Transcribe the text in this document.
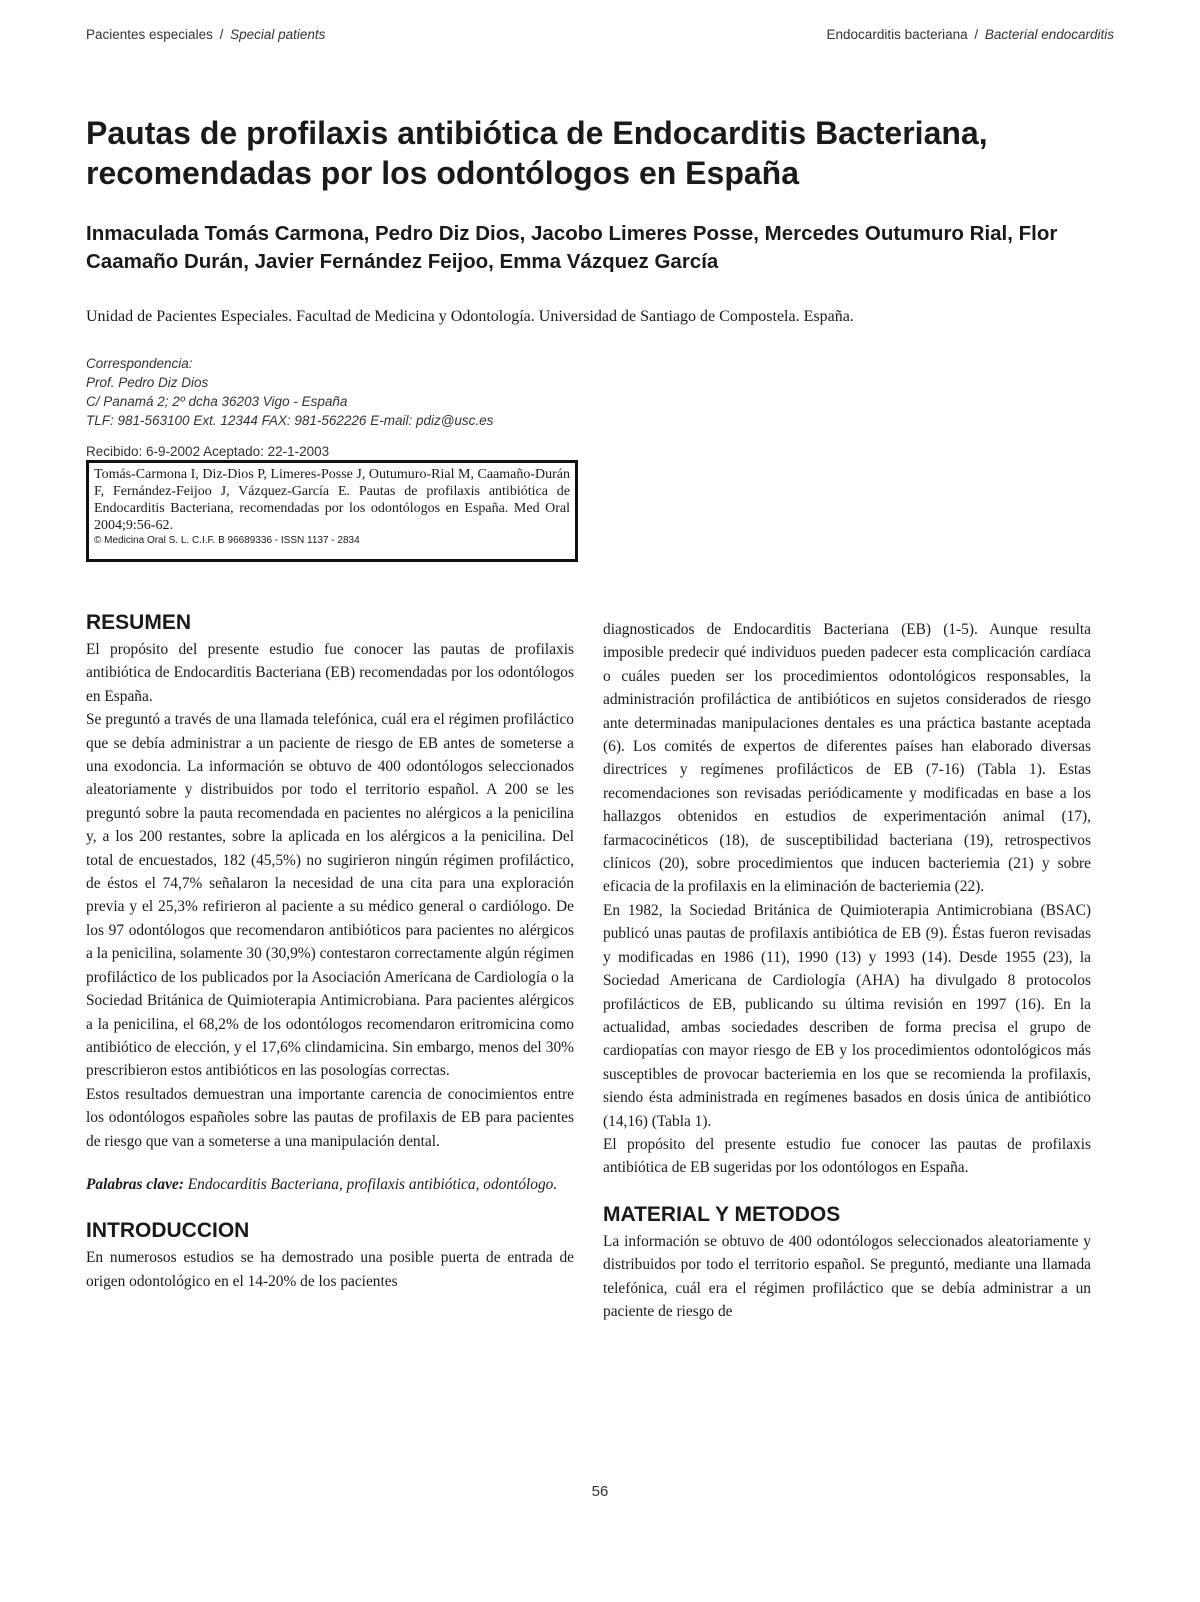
Pacientes especiales / Special patients	Endocarditis bacteriana / Bacterial endocarditis
Pautas de profilaxis antibiótica de Endocarditis Bacteriana, recomendadas por los odontólogos en España

Inmaculada Tomás Carmona, Pedro Diz Dios, Jacobo Limeres Posse, Mercedes Outumuro Rial, Flor Caamaño Durán, Javier Fernández Feijoo, Emma Vázquez García

Unidad de Pacientes Especiales. Facultad de Medicina y Odontología. Universidad de Santiago de Compostela. España.

Correspondencia:
Prof. Pedro Diz Dios
C/ Panamá 2; 2º dcha 36203 Vigo - España
TLF: 981-563100 Ext. 12344 FAX: 981-562226 E-mail: pdiz@usc.es
Recibido: 6-9-2002 Aceptado: 22-1-2003
Tomás-Carmona I, Diz-Dios P, Limeres-Posse J, Outumuro-Rial M, Caamaño-Durán F, Fernández-Feijoo J, Vázquez-García E. Pautas de profilaxis antibiótica de Endocarditis Bacteriana, recomendadas por los odontólogos en España. Med Oral 2004;9:56-62.
© Medicina Oral S. L. C.I.F. B 96689336 - ISSN 1137 - 2834
RESUMEN

El propósito del presente estudio fue conocer las pautas de profilaxis antibiótica de Endocarditis Bacteriana (EB) recomendadas por los odontólogos en España.

Se preguntó a través de una llamada telefónica, cuál era el régimen profiláctico que se debía administrar a un paciente de riesgo de EB antes de someterse a una exodoncia. La información se obtuvo de 400 odontólogos seleccionados aleatoriamente y distribuidos por todo el territorio español. A 200 se les preguntó sobre la pauta recomendada en pacientes no alérgicos a la penicilina y, a los 200 restantes, sobre la aplicada en los alérgicos a la penicilina. Del total de encuestados, 182 (45,5%) no sugirieron ningún régimen profiláctico, de éstos el 74,7% señalaron la necesidad de una cita para una exploración previa y el 25,3% refirieron al paciente a su médico general o cardiólogo. De los 97 odontólogos que recomendaron antibióticos para pacientes no alérgicos a la penicilina, solamente 30 (30,9%) contestaron correctamente algún régimen profiláctico de los publicados por la Asociación Americana de Cardiología o la Sociedad Británica de Quimioterapia Antimicrobiana. Para pacientes alérgicos a la penicilina, el 68,2% de los odontólogos recomendaron eritromicina como antibiótico de elección, y el 17,6% clindamicina. Sin embargo, menos del 30% prescribieron estos antibióticos en las posologías correctas.

Estos resultados demuestran una importante carencia de conocimientos entre los odontólogos españoles sobre las pautas de profilaxis de EB para pacientes de riesgo que van a someterse a una manipulación dental.

Palabras clave: Endocarditis Bacteriana, profilaxis antibiótica, odontólogo.

INTRODUCCION

En numerosos estudios se ha demostrado una posible puerta de entrada de origen odontológico en el 14-20% de los pacientes

diagnosticados de Endocarditis Bacteriana (EB) (1-5). Aunque resulta imposible predecir qué individuos pueden padecer esta complicación cardíaca o cuáles pueden ser los procedimientos odontológicos responsables, la administración profiláctica de antibióticos en sujetos considerados de riesgo ante determinadas manipulaciones dentales es una práctica bastante aceptada (6). Los comités de expertos de diferentes países han elaborado diversas directrices y regímenes profilácticos de EB (7-16) (Tabla 1). Estas recomendaciones son revisadas periódicamente y modificadas en base a los hallazgos obtenidos en estudios de experimentación animal (17), farmacocinéticos (18), de susceptibilidad bacteriana (19), retrospectivos clínicos (20), sobre procedimientos que inducen bacteriemia (21) y sobre eficacia de la profilaxis en la eliminación de bacteriemia (22).

En 1982, la Sociedad Británica de Quimioterapia Antimicrobiana (BSAC) publicó unas pautas de profilaxis antibiótica de EB (9). Éstas fueron revisadas y modificadas en 1986 (11), 1990 (13) y 1993 (14). Desde 1955 (23), la Sociedad Americana de Cardiología (AHA) ha divulgado 8 protocolos profilácticos de EB, publicando su última revisión en 1997 (16). En la actualidad, ambas sociedades describen de forma precisa el grupo de cardiopatías con mayor riesgo de EB y los procedimientos odontológicos más susceptibles de provocar bacteriemia en los que se recomienda la profilaxis, siendo ésta administrada en regímenes basados en dosis única de antibiótico (14,16) (Tabla 1).

El propósito del presente estudio fue conocer las pautas de profilaxis antibiótica de EB sugeridas por los odontólogos en España.

MATERIAL Y METODOS

La información se obtuvo de 400 odontólogos seleccionados aleatoriamente y distribuidos por todo el territorio español. Se preguntó, mediante una llamada telefónica, cuál era el régimen profiláctico que se debía administrar a un paciente de riesgo de

56
